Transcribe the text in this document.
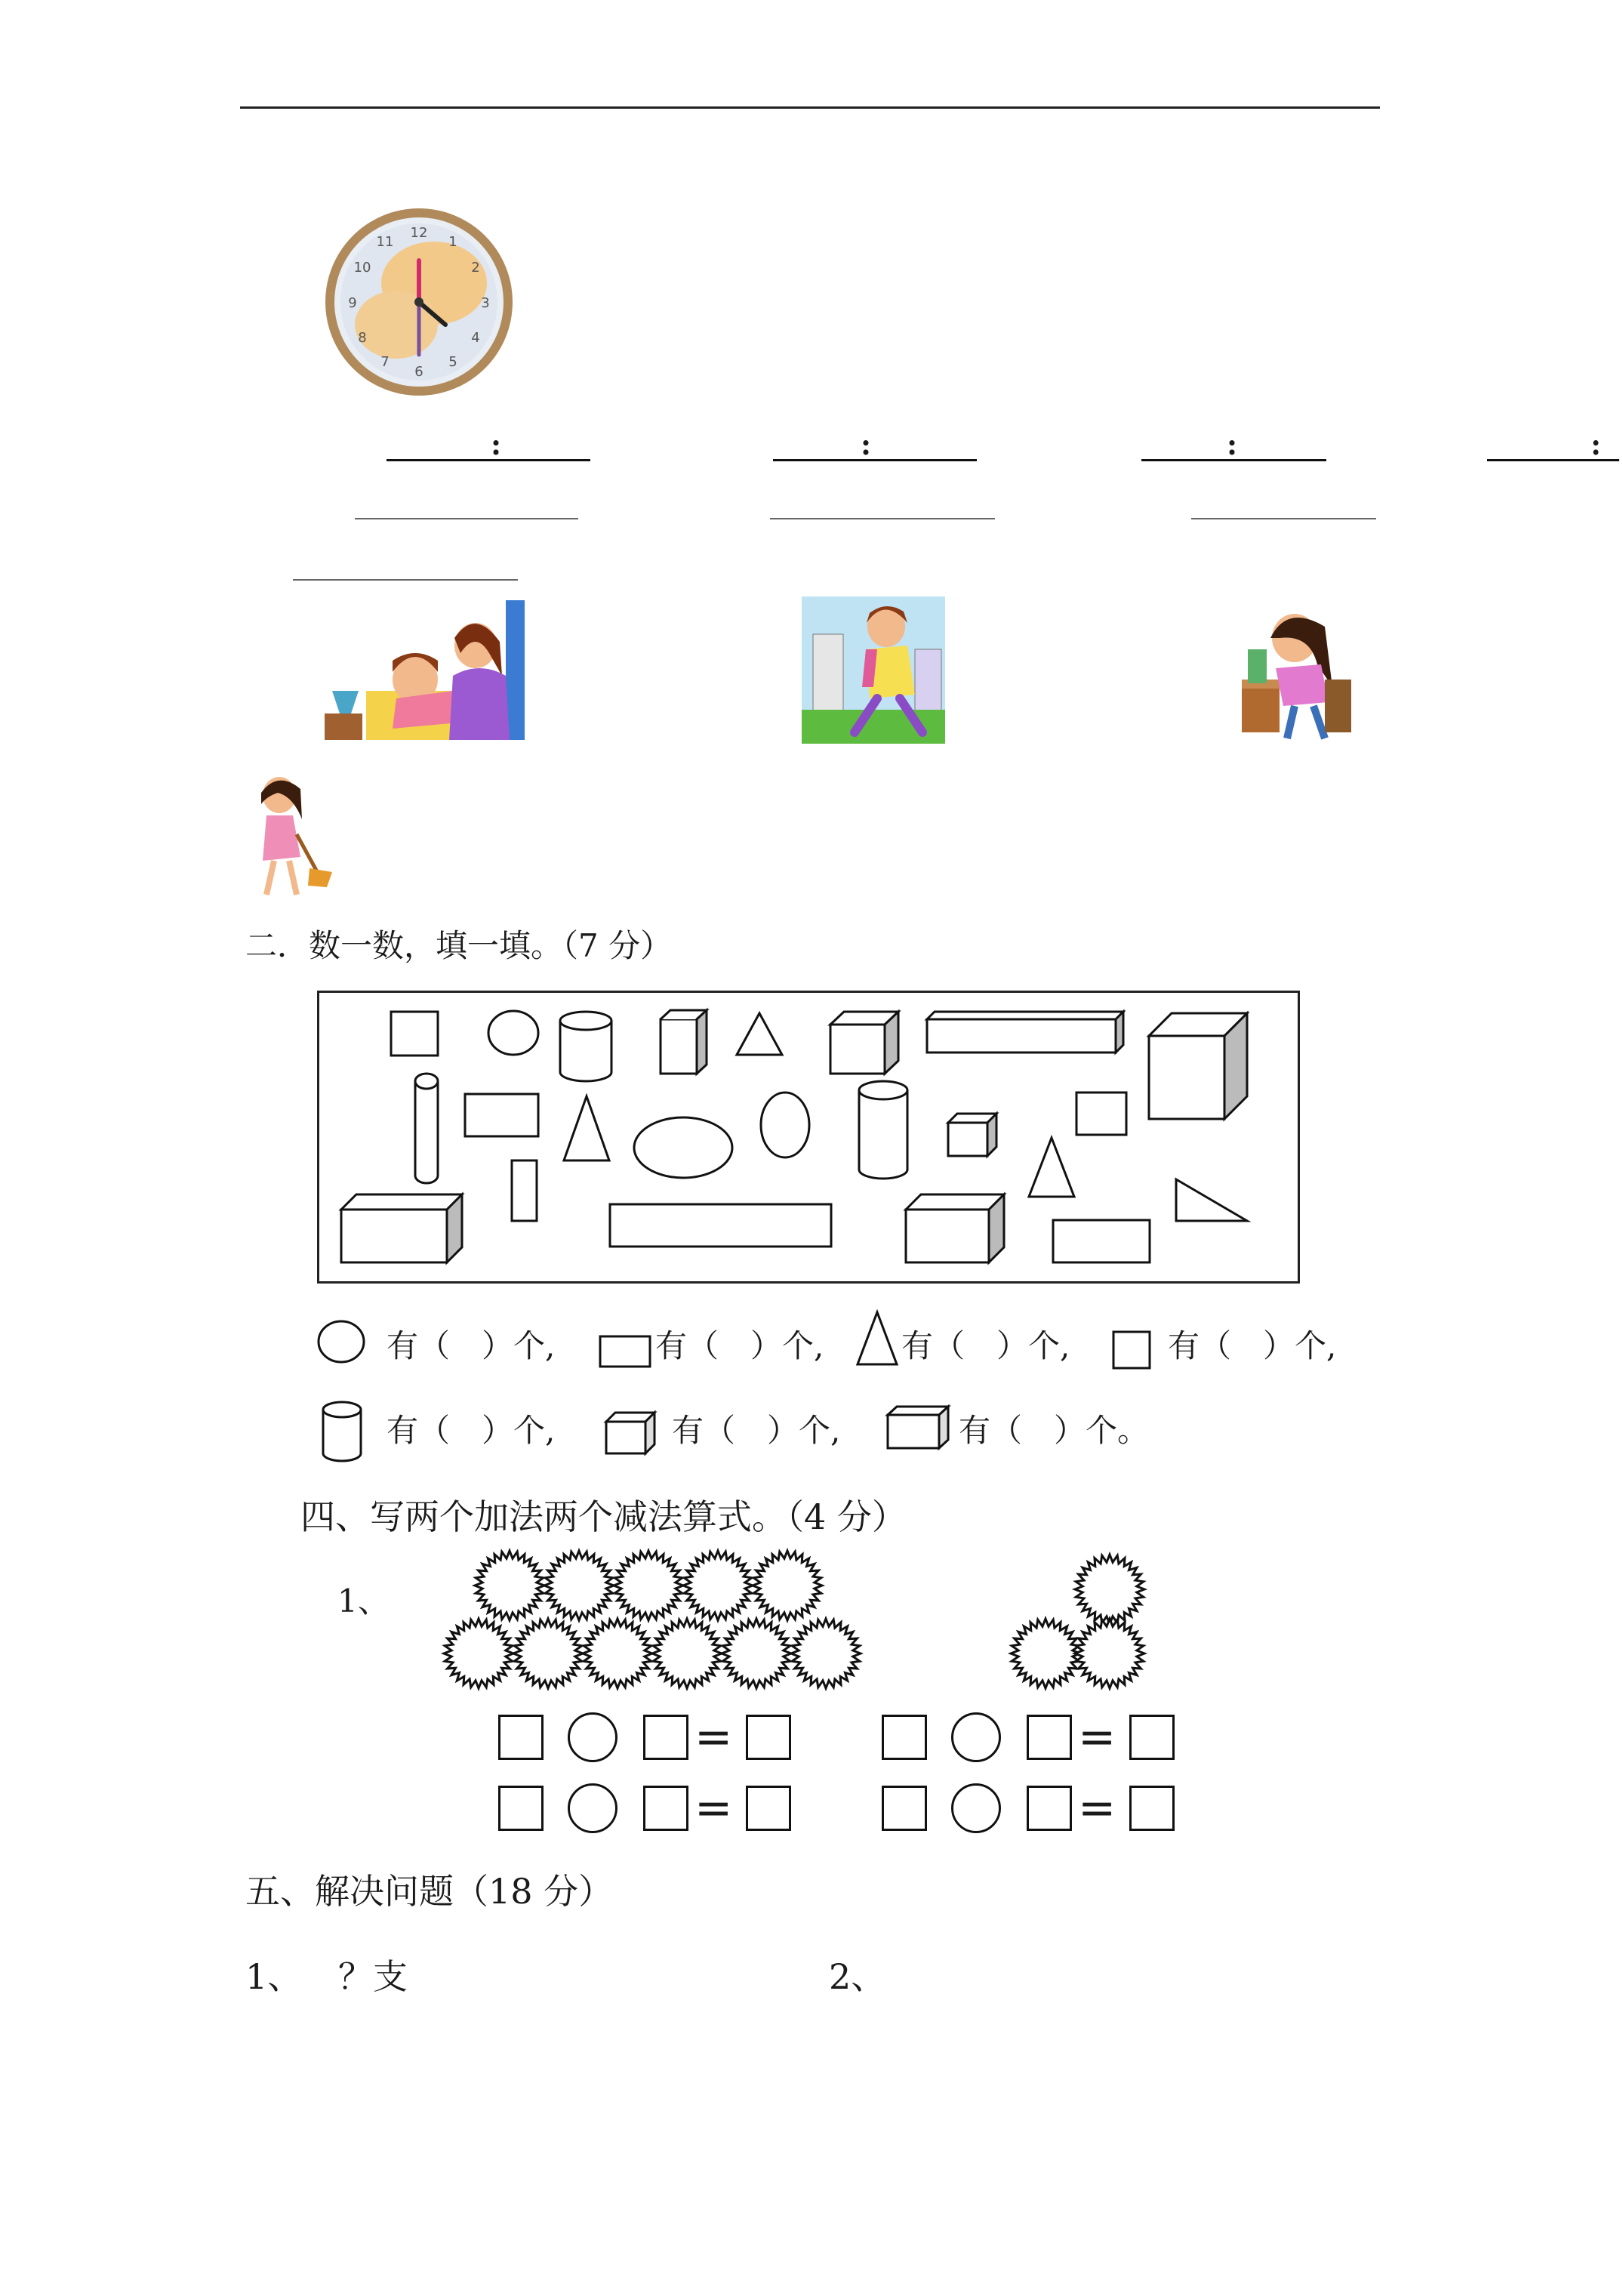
12
1
2
3
4
5
6
7
8
9
10
11
:	:	:	:
二．数一数，填一填。（7 分）
有（　）个,	有（　）个, 有（　）个,	有（　）个,
有（　）个,	有（　）个,	有（　）个。
四、写两个加法两个减法算式。（4 分）
1、
=	=
=	=
五、解决问题（18 分）
1、 ？支	2、
